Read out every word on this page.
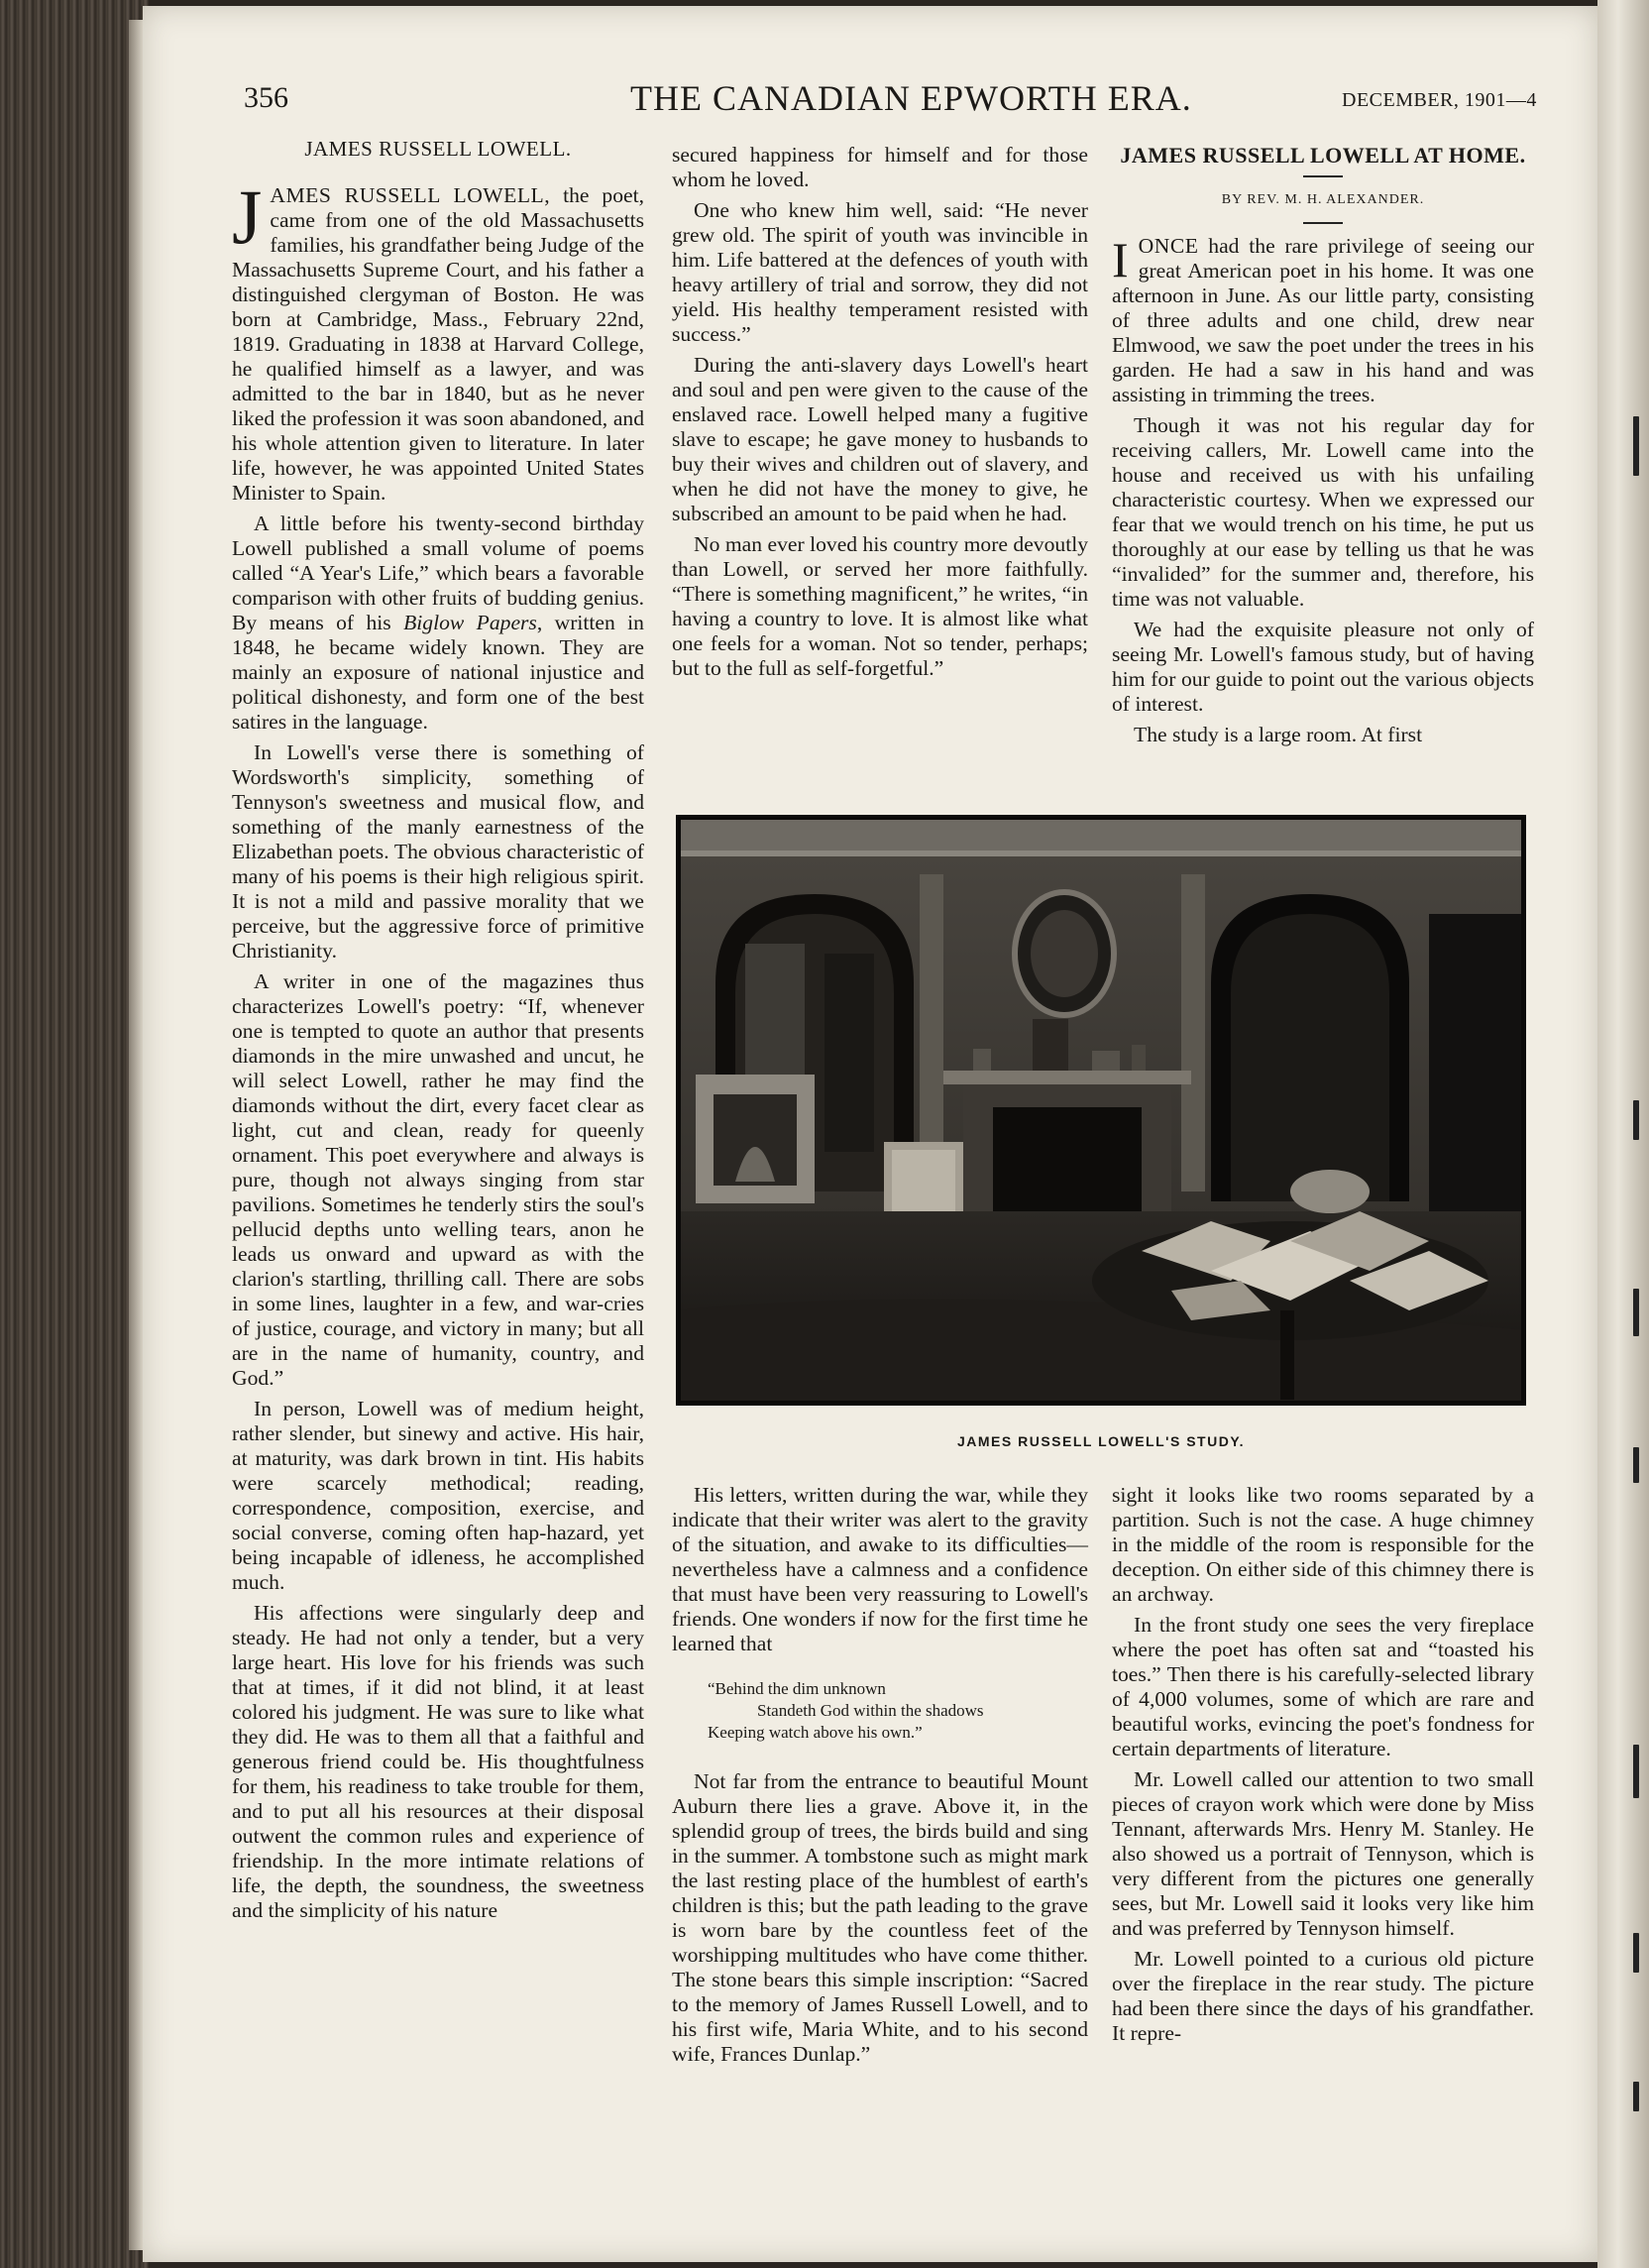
356	THE CANADIAN EPWORTH ERA.	DECEMBER, 1901—4
JAMES RUSSELL LOWELL.

JAMES RUSSELL LOWELL, the poet, came from one of the old Massachusetts families, his grandfather being Judge of the Massachusetts Supreme Court, and his father a distinguished clergyman of Boston. He was born at Cambridge, Mass., February 22nd, 1819. Graduating in 1838 at Harvard College, he qualified himself as a lawyer, and was admitted to the bar in 1840, but as he never liked the profession it was soon abandoned, and his whole attention given to literature. In later life, however, he was appointed United States Minister to Spain.

A little before his twenty-second birthday Lowell published a small volume of poems called “A Year's Life,” which bears a favorable comparison with other fruits of budding genius. By means of his Biglow Papers, written in 1848, he became widely known. They are mainly an exposure of national injustice and political dishonesty, and form one of the best satires in the language.

In Lowell's verse there is something of Wordsworth's simplicity, something of Tennyson's sweetness and musical flow, and something of the manly earnestness of the Elizabethan poets. The obvious characteristic of many of his poems is their high religious spirit. It is not a mild and passive morality that we perceive, but the aggressive force of primitive Christianity.

A writer in one of the magazines thus characterizes Lowell's poetry: “If, whenever one is tempted to quote an author that presents diamonds in the mire unwashed and uncut, he will select Lowell, rather he may find the diamonds without the dirt, every facet clear as light, cut and clean, ready for queenly ornament. This poet everywhere and always is pure, though not always singing from star pavilions. Sometimes he tenderly stirs the soul's pellucid depths unto welling tears, anon he leads us onward and upward as with the clarion's startling, thrilling call. There are sobs in some lines, laughter in a few, and war-cries of justice, courage, and victory in many; but all are in the name of humanity, country, and God.”

In person, Lowell was of medium height, rather slender, but sinewy and active. His hair, at maturity, was dark brown in tint. His habits were scarcely methodical; reading, correspondence, composition, exercise, and social converse, coming often hap-hazard, yet being incapable of idleness, he accomplished much.

His affections were singularly deep and steady. He had not only a tender, but a very large heart. His love for his friends was such that at times, if it did not blind, it at least colored his judgment. He was sure to like what they did. He was to them all that a faithful and generous friend could be. His thoughtfulness for them, his readiness to take trouble for them, and to put all his resources at their disposal outwent the common rules and experience of friendship. In the more intimate relations of life, the depth, the soundness, the sweetness and the simplicity of his nature

secured happiness for himself and for those whom he loved.

One who knew him well, said: “He never grew old. The spirit of youth was invincible in him. Life battered at the defences of youth with heavy artillery of trial and sorrow, they did not yield. His healthy temperament resisted with success.”

During the anti-slavery days Lowell's heart and soul and pen were given to the cause of the enslaved race. Lowell helped many a fugitive slave to escape; he gave money to husbands to buy their wives and children out of slavery, and when he did not have the money to give, he subscribed an amount to be paid when he had.

No man ever loved his country more devoutly than Lowell, or served her more faithfully. “There is something magnificent,” he writes, “in having a country to love. It is almost like what one feels for a woman. Not so tender, perhaps; but to the full as self-forgetful.”

JAMES RUSSELL LOWELL AT HOME.
BY REV. M. H. ALEXANDER.

IONCE had the rare privilege of seeing our great American poet in his home. It was one afternoon in June. As our little party, consisting of three adults and one child, drew near Elmwood, we saw the poet under the trees in his garden. He had a saw in his hand and was assisting in trimming the trees.

Though it was not his regular day for receiving callers, Mr. Lowell came into the house and received us with his unfailing characteristic courtesy. When we expressed our fear that we would trench on his time, he put us thoroughly at our ease by telling us that he was “invalided” for the summer and, therefore, his time was not valuable.

We had the exquisite pleasure not only of seeing Mr. Lowell's famous study, but of having him for our guide to point out the various objects of interest.

The study is a large room. At first

JAMES RUSSELL LOWELL'S STUDY.

His letters, written during the war, while they indicate that their writer was alert to the gravity of the situation, and awake to its difficulties—nevertheless have a calmness and a confidence that must have been very reassuring to Lowell's friends. One wonders if now for the first time he learned that

“Behind the dim unknown
Standeth God within the shadows
Keeping watch above his own.”

Not far from the entrance to beautiful Mount Auburn there lies a grave. Above it, in the splendid group of trees, the birds build and sing in the summer. A tombstone such as might mark the last resting place of the humblest of earth's children is this; but the path leading to the grave is worn bare by the countless feet of the worshipping multitudes who have come thither. The stone bears this simple inscription: “Sacred to the memory of James Russell Lowell, and to his first wife, Maria White, and to his second wife, Frances Dunlap.”

sight it looks like two rooms separated by a partition. Such is not the case. A huge chimney in the middle of the room is responsible for the deception. On either side of this chimney there is an archway.

In the front study one sees the very fireplace where the poet has often sat and “toasted his toes.” Then there is his carefully-selected library of 4,000 volumes, some of which are rare and beautiful works, evincing the poet's fondness for certain departments of literature.

Mr. Lowell called our attention to two small pieces of crayon work which were done by Miss Tennant, afterwards Mrs. Henry M. Stanley. He also showed us a portrait of Tennyson, which is very different from the pictures one generally sees, but Mr. Lowell said it looks very like him and was preferred by Tennyson himself.

Mr. Lowell pointed to a curious old picture over the fireplace in the rear study. The picture had been there since the days of his grandfather. It repre-
